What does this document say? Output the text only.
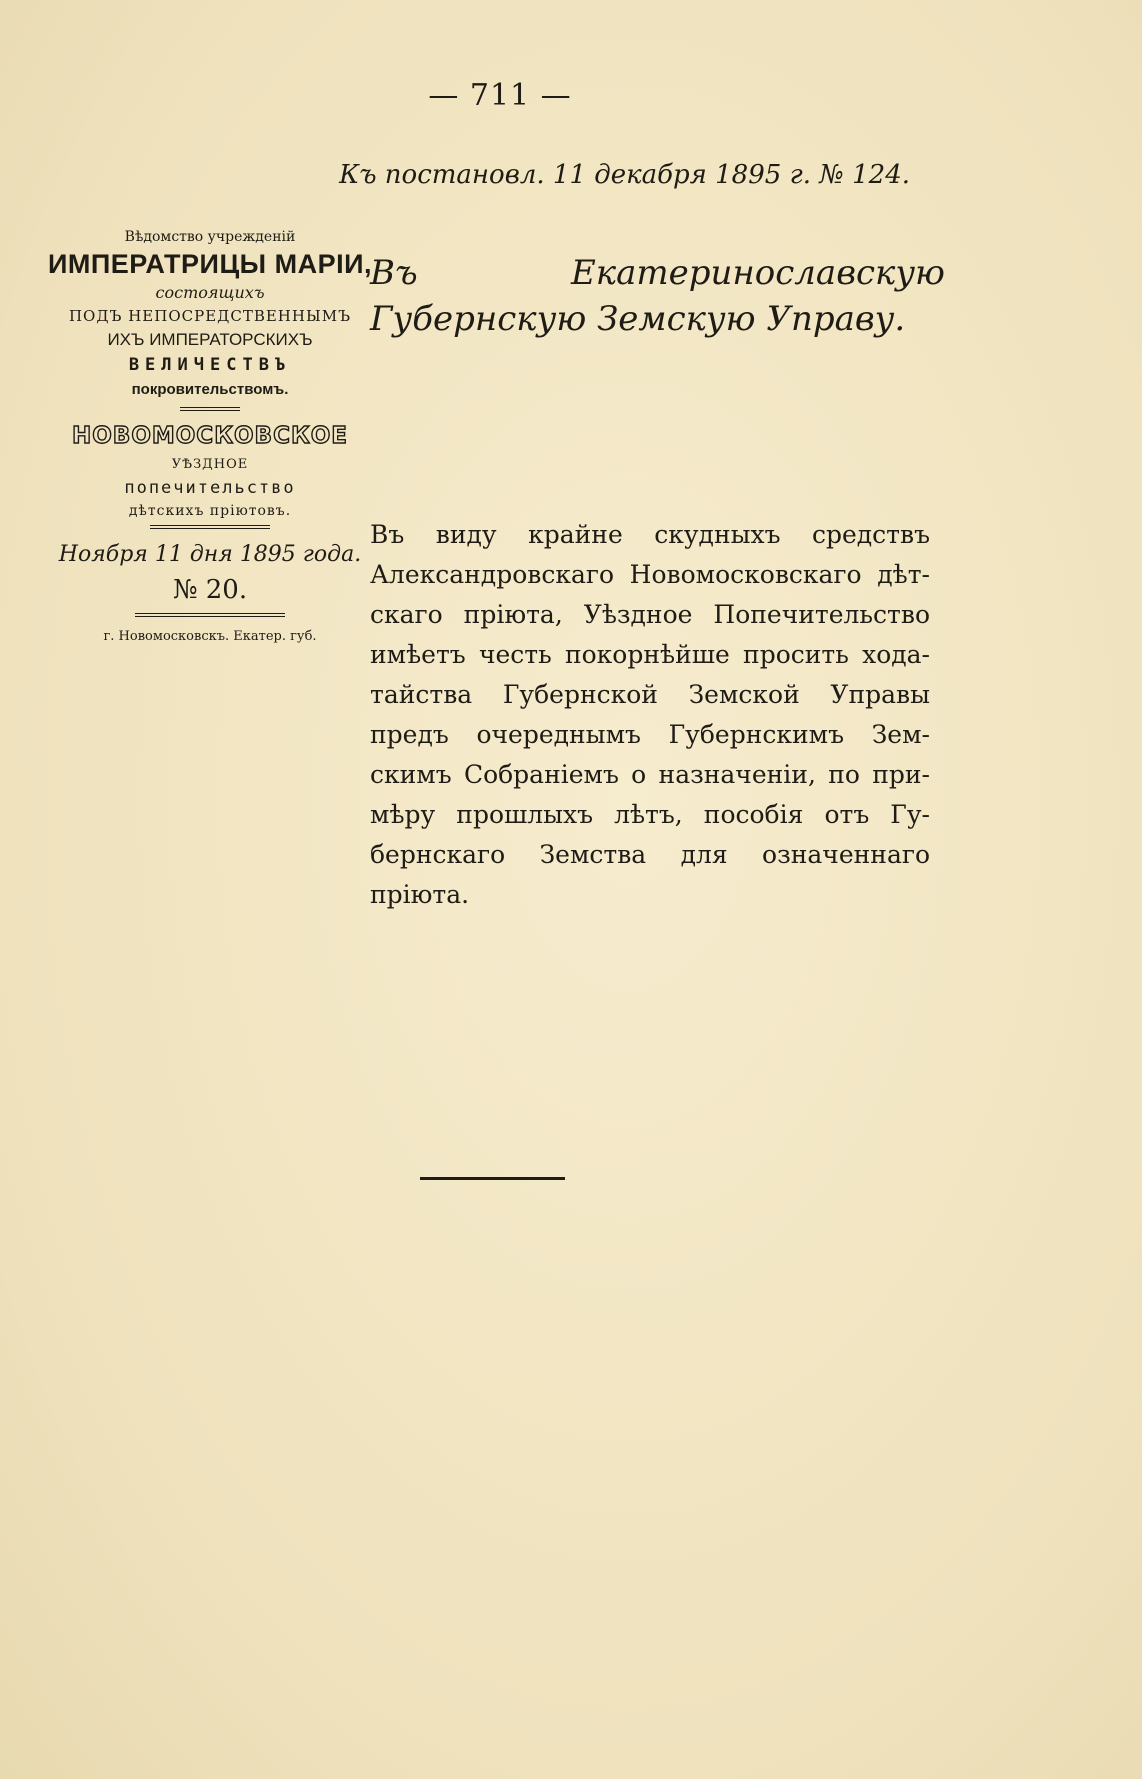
— 711 —
Къ постановл. 11 декабря 1895 г. № 124.
Вѣдомство учрежденій
ИМПЕРАТРИЦЫ МАРІИ,
состоящихъ
ПОДЪ НЕПОСРЕДСТВЕННЫМЪ
ИХЪ ИМПЕРАТОРСКИХЪ
ВЕЛИЧЕСТВЪ
покровительствомъ.
НОВОМОСКОВСКОЕ
УѢЗДНОЕ
попечительство
дѣтскихъ пріютовъ.
Ноября 11 дня 1895 года.
№ 20.
г. Новомосковскъ. Екатер. губ.
Въ Екатеринославскую Губернскую Земскую Управу.
Въ виду крайне скудныхъ средствъ
Александровскаго Новомосковскаго дѣт-
скаго пріюта, Уѣздное Попечительство
имѣетъ честь покорнѣйше просить хода-
тайства Губернской Земской Управы
предъ очереднымъ Губернскимъ Зем-
скимъ Собраніемъ о назначеніи, по при-
мѣру прошлыхъ лѣтъ, пособія отъ Гу-
бернскаго Земства для означеннаго
пріюта.
